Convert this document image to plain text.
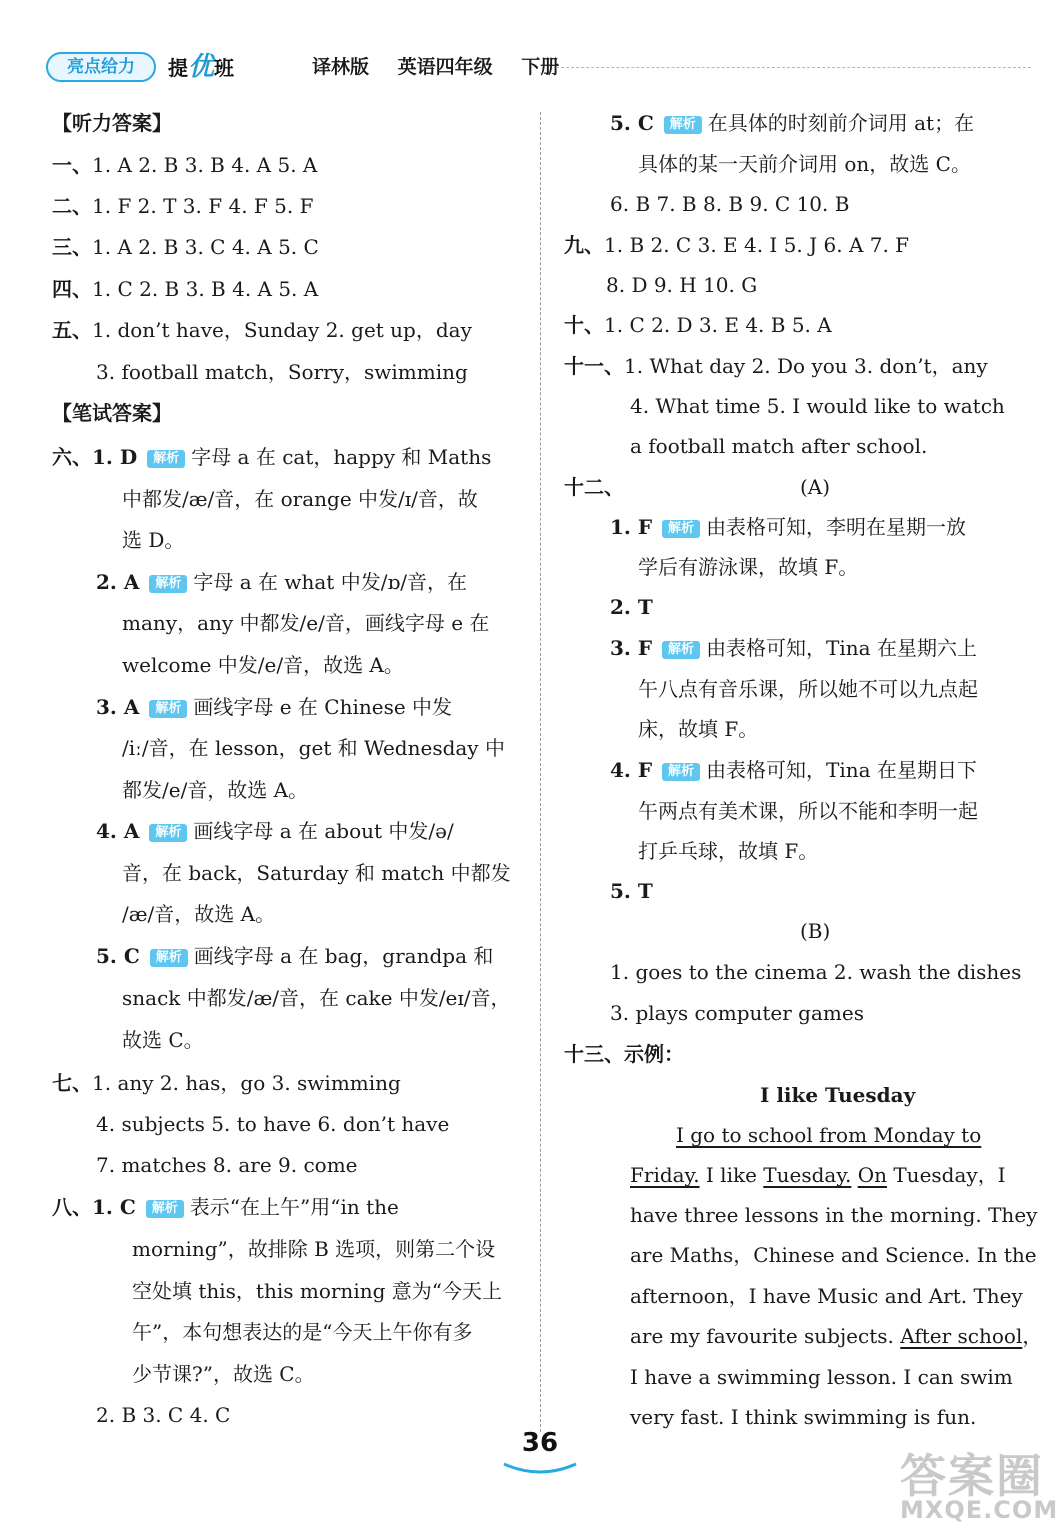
亮点给力	提优班	译林版 英语四年级 下册
【听力答案】
一、1. A 2. B 3. B 4. A 5. A
二、1. F 2. T 3. F 4. F 5. F
三、1. A 2. B 3. C 4. A 5. C
四、1. C 2. B 3. B 4. A 5. A
五、1. don’t have，Sunday 2. get up，day
3. football match，Sorry，swimming
【笔试答案】
六、1. D 解析 字母 a 在 cat，happy 和 Maths
中都发/æ/音，在 orange 中发/ɪ/音，故
选 D。
2. A 解析 字母 a 在 what 中发/ɒ/音，在
many，any 中都发/e/音，画线字母 e 在
welcome 中发/e/音，故选 A。
3. A 解析 画线字母 e 在 Chinese 中发
/iː/音，在 lesson，get 和 Wednesday 中
都发/e/音，故选 A。
4. A 解析 画线字母 a 在 about 中发/ə/
音，在 back，Saturday 和 match 中都发
/æ/音，故选 A。
5. C 解析 画线字母 a 在 bag，grandpa 和
snack 中都发/æ/音，在 cake 中发/eɪ/音，
故选 C。
七、1. any 2. has，go 3. swimming
4. subjects 5. to have 6. don’t have
7. matches 8. are 9. come
八、1. C 解析 表示“在上午”用“in the
morning”，故排除 B 选项，则第二个设
空处填 this，this morning 意为“今天上
午”，本句想表达的是“今天上午你有多
少节课?”，故选 C。
2. B 3. C 4. C
5. C 解析 在具体的时刻前介词用 at；在
具体的某一天前介词用 on，故选 C。
6. B 7. B 8. B 9. C 10. B
九、1. B 2. C 3. E 4. I 5. J 6. A 7. F
8. D 9. H 10. G
十、1. C 2. D 3. E 4. B 5. A
十一、1. What day 2. Do you 3. don’t，any
4. What time 5. I would like to watch
a football match after school.
十二、	(A)
1. F 解析 由表格可知，李明在星期一放
学后有游泳课，故填 F。
2. T
3. F 解析 由表格可知，Tina 在星期六上
午八点有音乐课，所以她不可以九点起
床，故填 F。
4. F 解析 由表格可知，Tina 在星期日下
午两点有美术课，所以不能和李明一起
打乒乓球，故填 F。
5. T
(B)
1. goes to the cinema 2. wash the dishes
3. plays computer games
十三、示例：
I like Tuesday
I go to school from Monday to
Friday. I like Tuesday. On Tuesday，I
have three lessons in the morning. They
are Maths，Chinese and Science. In the
afternoon，I have Music and Art. They
are my favourite subjects. After school，
I have a swimming lesson. I can swim
very fast. I think swimming is fun.
36
答案圈
MXQE.COM
